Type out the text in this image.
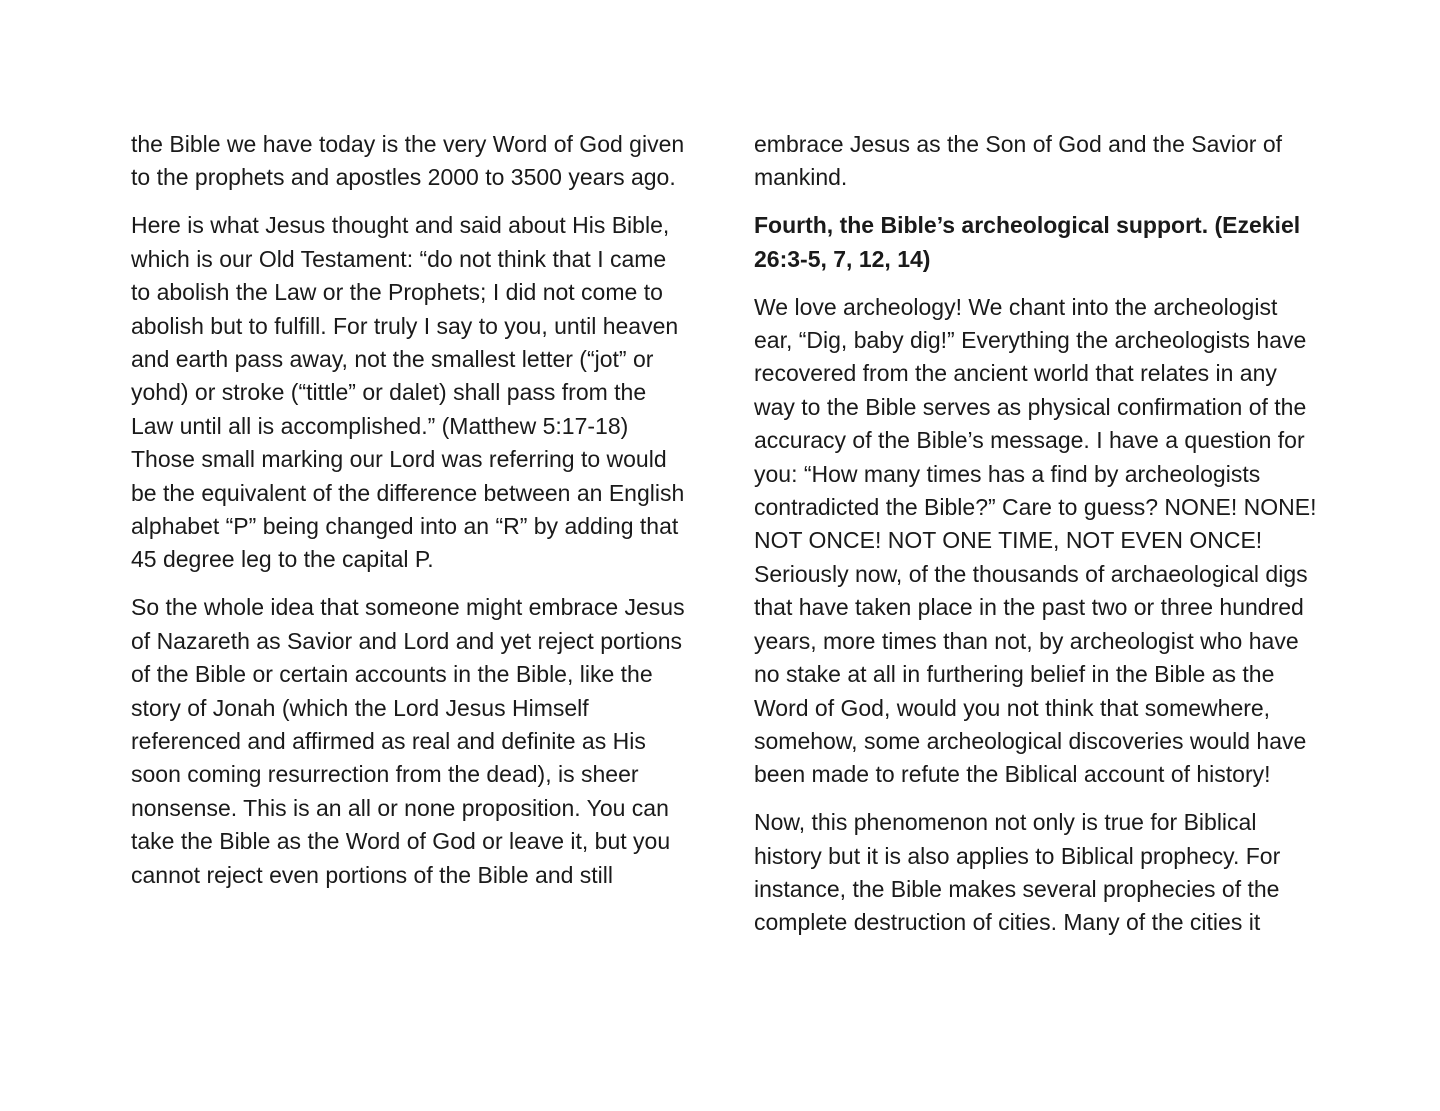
the Bible we have today is the very Word of God given to the prophets and apostles 2000 to 3500 years ago.

Here is what Jesus thought and said about His Bible, which is our Old Testament: “do not think that I came to abolish the Law or the Prophets; I did not come to abolish but to fulfill. For truly I say to you, until heaven and earth pass away, not the smallest letter (“jot” or yohd) or stroke (“tittle” or dalet) shall pass from the Law until all is accomplished.” (Matthew 5:17-18) Those small marking our Lord was referring to would be the equivalent of the difference between an English alphabet “P” being changed into an “R” by adding that 45 degree leg to the capital P.

So the whole idea that someone might embrace Jesus of Nazareth as Savior and Lord and yet reject portions of the Bible or certain accounts in the Bible, like the story of Jonah (which the Lord Jesus Himself referenced and affirmed as real and definite as His soon coming resurrection from the dead), is sheer nonsense. This is an all or none proposition. You can take the Bible as the Word of God or leave it, but you cannot reject even portions of the Bible and still

embrace Jesus as the Son of God and the Savior of mankind.

Fourth, the Bible’s archeological support. (Ezekiel 26:3-5, 7, 12, 14)

We love archeology! We chant into the archeologist ear, “Dig, baby dig!” Everything the archeologists have recovered from the ancient world that relates in any way to the Bible serves as physical confirmation of the accuracy of the Bible’s message. I have a question for you: “How many times has a find by archeologists contradicted the Bible?” Care to guess? NONE! NONE! NOT ONCE! NOT ONE TIME, NOT EVEN ONCE! Seriously now, of the thousands of archaeological digs that have taken place in the past two or three hundred years, more times than not, by archeologist who have no stake at all in furthering belief in the Bible as the Word of God, would you not think that somewhere, somehow, some archeological discoveries would have been made to refute the Biblical account of history!

Now, this phenomenon not only is true for Biblical history but it is also applies to Biblical prophecy. For instance, the Bible makes several prophecies of the complete destruction of cities. Many of the cities it
